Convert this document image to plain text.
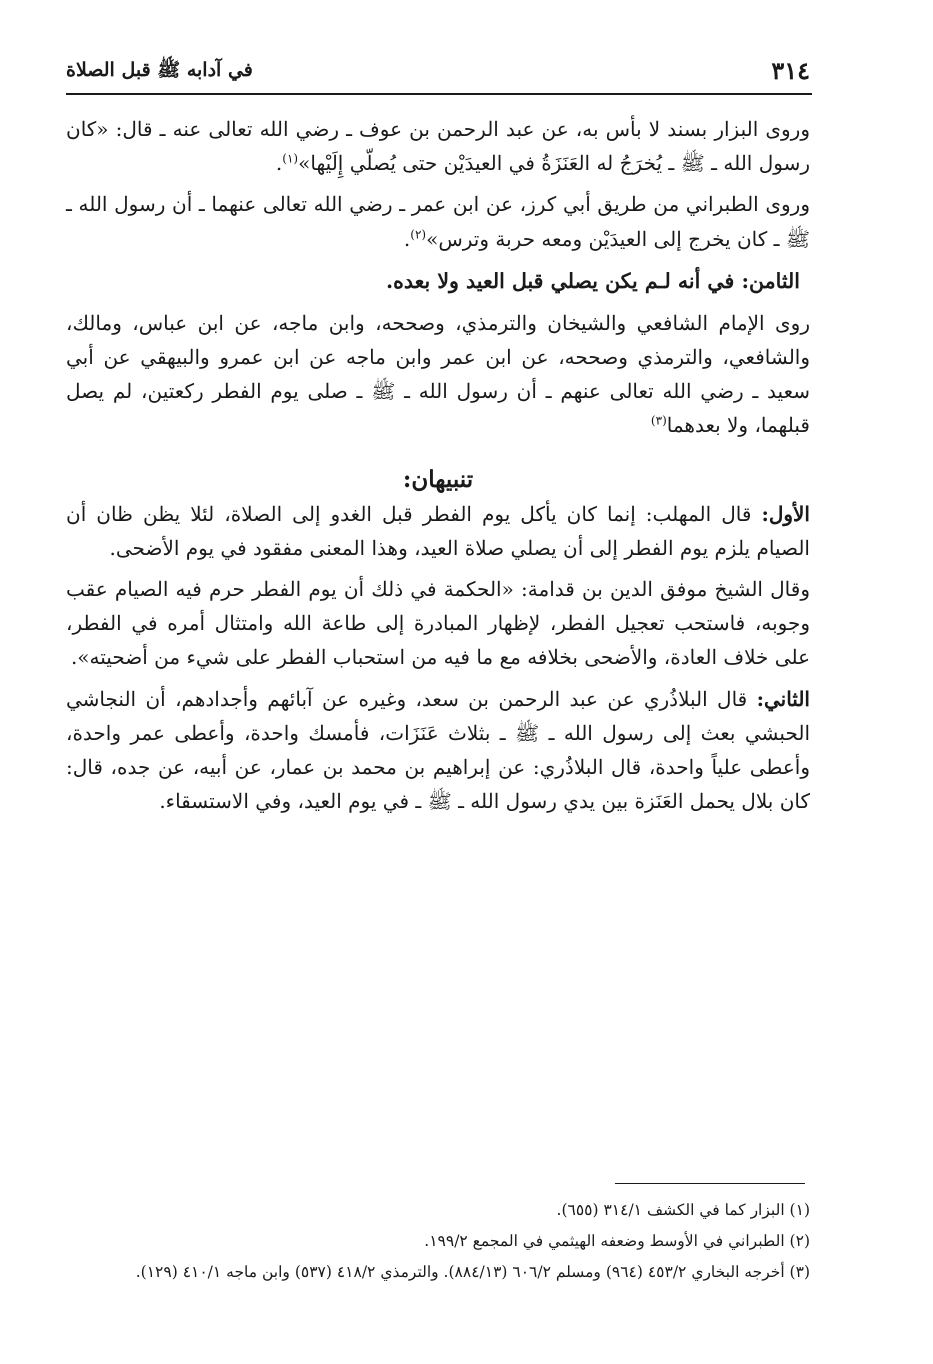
٣١٤
في آدابه ﷺ قبل الصلاة

وروى البزار بسند لا بأس به، عن عبد الرحمن بن عوف ـ رضي الله تعالى عنه ـ قال: «كان رسول الله ـ ﷺ ـ يُخرَجُ له العَنَزَةُ في العيدَيْن حتى يُصلّي إِلَيْها»$^{(١)}$.

وروى الطبراني من طريق أبي كرز، عن ابن عمر ـ رضي الله تعالى عنهما ـ أن رسول الله ـ ﷺ ـ كان يخرج إلى العيدَيْن ومعه حربة وترس»$^{(٢)}$.

الثامن: في أنه لـم يكن يصلي قبل العيد ولا بعده.

روى الإمام الشافعي والشيخان والترمذي، وصححه، وابن ماجه، عن ابن عباس، ومالك، والشافعي، والترمذي وصححه، عن ابن عمر وابن ماجه عن ابن عمرو والبيهقي عن أبي سعيد ـ رضي الله تعالى عنهم ـ أن رسول الله ـ ﷺ ـ صلى يوم الفطر ركعتين، لم يصل قبلهما، ولا بعدهما$^{(٣)}$

تنبيهان:

الأول: قال المهلب: إنما كان يأكل يوم الفطر قبل الغدو إلى الصلاة، لئلا يظن ظان أن الصيام يلزم يوم الفطر إلى أن يصلي صلاة العيد، وهذا المعنى مفقود في يوم الأضحى.

وقال الشيخ موفق الدين بن قدامة: «الحكمة في ذلك أن يوم الفطر حرم فيه الصيام عقب وجوبه، فاستحب تعجيل الفطر، لإظهار المبادرة إلى طاعة الله وامتثال أمره في الفطر، على خلاف العادة، والأضحى بخلافه مع ما فيه من استحباب الفطر على شيء من أضحيته».

الثاني: قال البلاذُري عن عبد الرحمن بن سعد، وغيره عن آبائهم وأجدادهم، أن النجاشي الحبشي بعث إلى رسول الله ـ ﷺ ـ بثلاث عَنَزَات، فأمسك واحدة، وأعطى عمر واحدة، وأعطى علياً واحدة، قال البلاذُري: عن إبراهيم بن محمد بن عمار، عن أبيه، عن جده، قال: كان بلال يحمل العَنَزة بين يدي رسول الله ـ ﷺ ـ في يوم العيد، وفي الاستسقاء.

(١) البزار كما في الكشف ٣١٤/١ (٦٥٥).
(٢) الطبراني في الأوسط وضعفه الهيثمي في المجمع ١٩٩/٢.
(٣) أخرجه البخاري ٤٥٣/٢ (٩٦٤) ومسلم ٦٠٦/٢ (٨٨٤/١٣). والترمذي ٤١٨/٢ (٥٣٧) وابن ماجه ٤١٠/١ (١٢٩).
